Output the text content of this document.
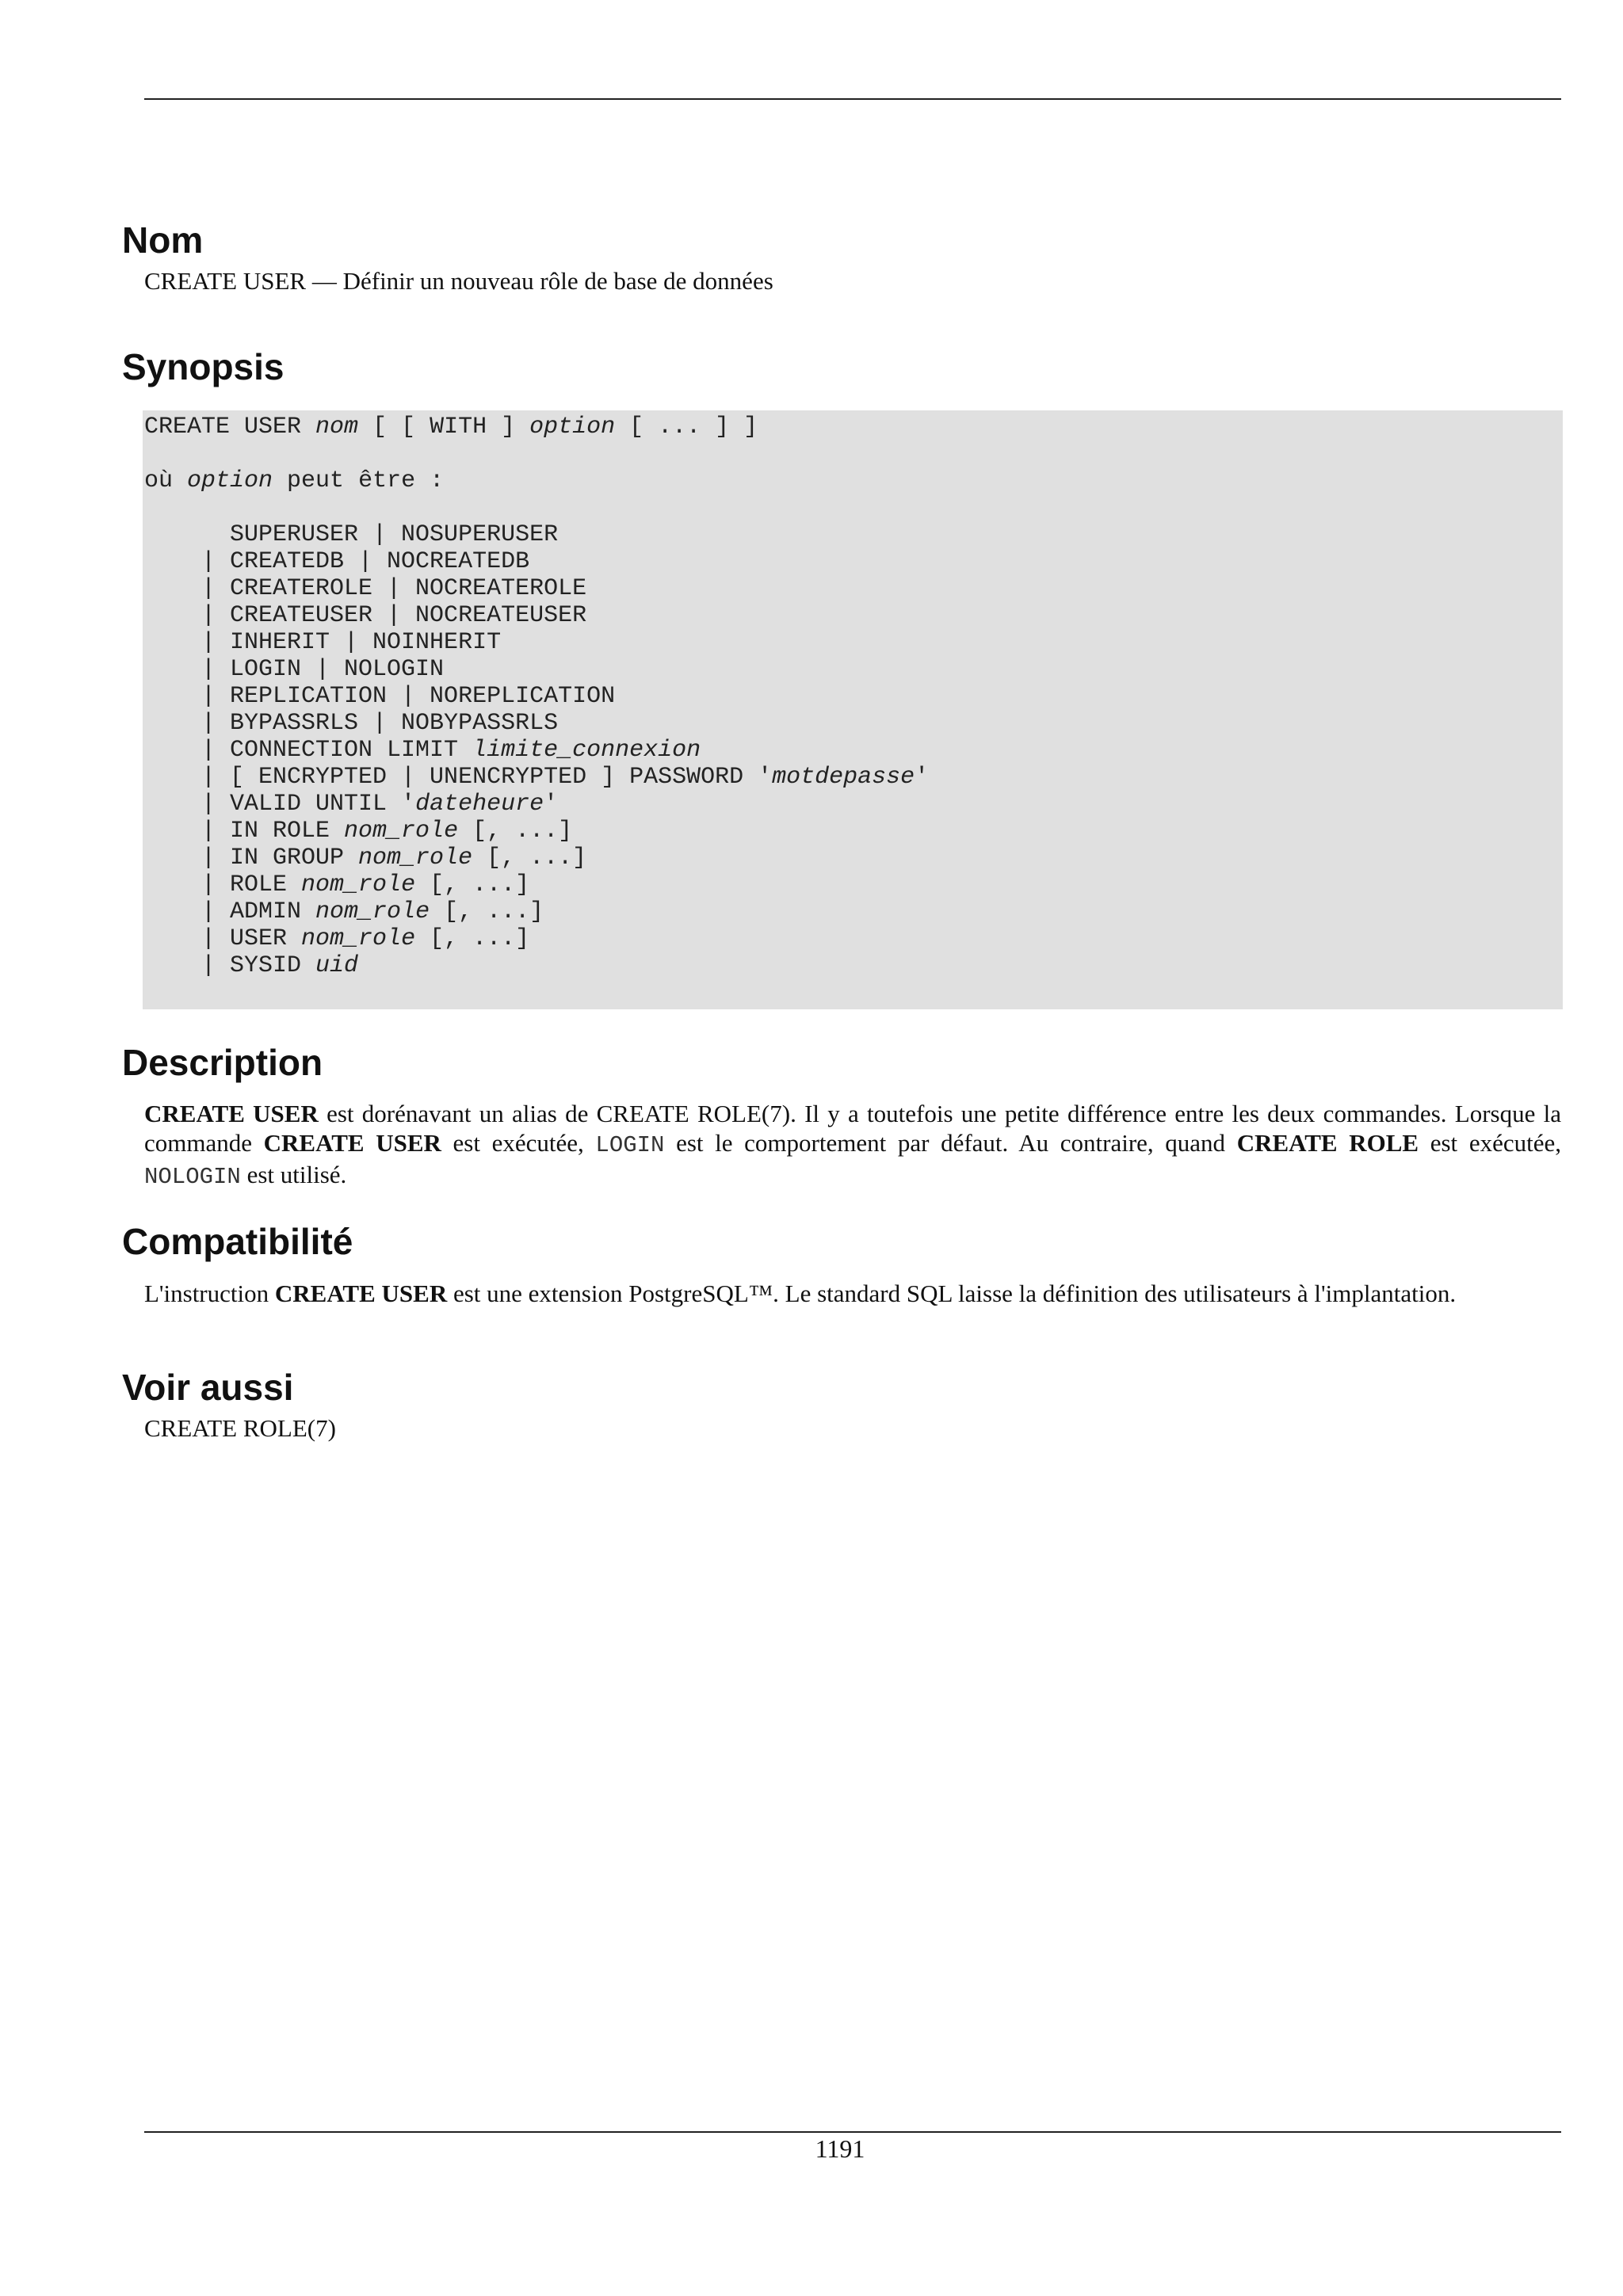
Nom

CREATE USER — Définir un nouveau rôle de base de données

Synopsis
CREATE USER nom [ [ WITH ] option [ ... ] ]
où option peut être :
SUPERUSER | NOSUPERUSER
| CREATEDB | NOCREATEDB
| CREATEROLE | NOCREATEROLE
| CREATEUSER | NOCREATEUSER
| INHERIT | NOINHERIT
| LOGIN | NOLOGIN
| REPLICATION | NOREPLICATION
| BYPASSRLS | NOBYPASSRLS
| CONNECTION LIMIT limite_connexion
| [ ENCRYPTED | UNENCRYPTED ] PASSWORD 'motdepasse'
| VALID UNTIL 'dateheure'
| IN ROLE nom_role [, ...]
| IN GROUP nom_role [, ...]
| ROLE nom_role [, ...]
| ADMIN nom_role [, ...]
| USER nom_role [, ...]
| SYSID uid
Description

CREATE USER est dorénavant un alias de CREATE ROLE(7). Il y a toutefois une petite différence entre les deux commandes. Lorsque la commande CREATE USER est exécutée, LOGIN est le comportement par défaut. Au contraire, quand CREATE ROLE est exécutée, NOLOGIN est utilisé.

Compatibilité

L'instruction CREATE USER est une extension PostgreSQL™. Le standard SQL laisse la définition des utilisateurs à l'implantation.

Voir aussi

CREATE ROLE(7)

1191
